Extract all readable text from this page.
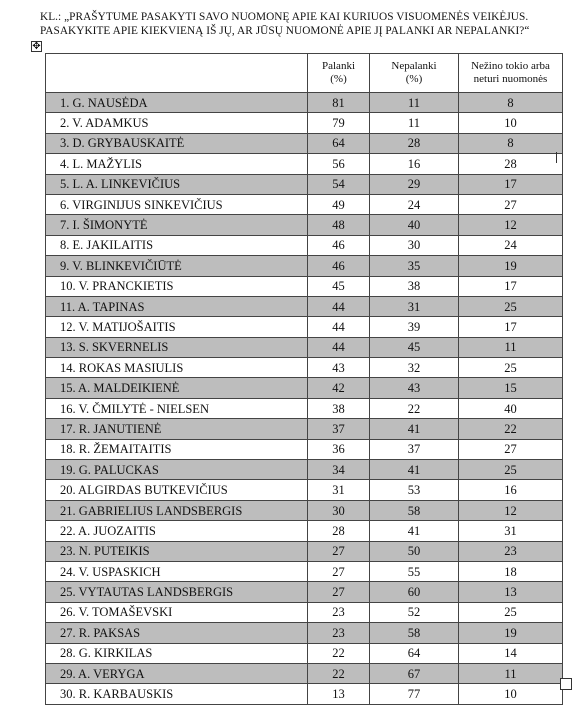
KL.: „PRAŠYTUME PASAKYTI SAVO NUOMONĘ APIE KAI KURIUOS VISUOMENĖS VEIKĖJUS.
PASAKYKITE APIE KIEKVIENĄ IŠ JŲ, AR JŪSŲ NUOMONĖ APIE JĮ PALANKI AR NEPALANKI?“
✥
	Palanki (%)	Nepalanki (%)	Nežino tokio arba neturi nuomonės
1. G. NAUSĖDA	81	11	8
2. V. ADAMKUS	79	11	10
3. D. GRYBAUSKAITĖ	64	28	8
4. L. MAŽYLIS	56	16	28
5. L. A. LINKEVIČIUS	54	29	17
6. VIRGINIJUS SINKEVIČIUS	49	24	27
7. I. ŠIMONYTĖ	48	40	12
8. E. JAKILAITIS	46	30	24
9. V. BLINKEVIČIŪTĖ	46	35	19
10. V. PRANCKIETIS	45	38	17
11. A. TAPINAS	44	31	25
12. V. MATIJOŠAITIS	44	39	17
13. S. SKVERNELIS	44	45	11
14. ROKAS MASIULIS	43	32	25
15. A. MALDEIKIENĖ	42	43	15
16. V. ČMILYTĖ - NIELSEN	38	22	40
17. R. JANUTIENĖ	37	41	22
18. R. ŽEMAITAITIS	36	37	27
19. G. PALUCKAS	34	41	25
20. ALGIRDAS BUTKEVIČIUS	31	53	16
21. GABRIELIUS LANDSBERGIS	30	58	12
22. A. JUOZAITIS	28	41	31
23. N. PUTEIKIS	27	50	23
24. V. USPASKICH	27	55	18
25. VYTAUTAS LANDSBERGIS	27	60	13
26. V. TOMAŠEVSKI	23	52	25
27. R. PAKSAS	23	58	19
28. G. KIRKILAS	22	64	14
29. A. VERYGA	22	67	11
30. R. KARBAUSKIS	13	77	10
